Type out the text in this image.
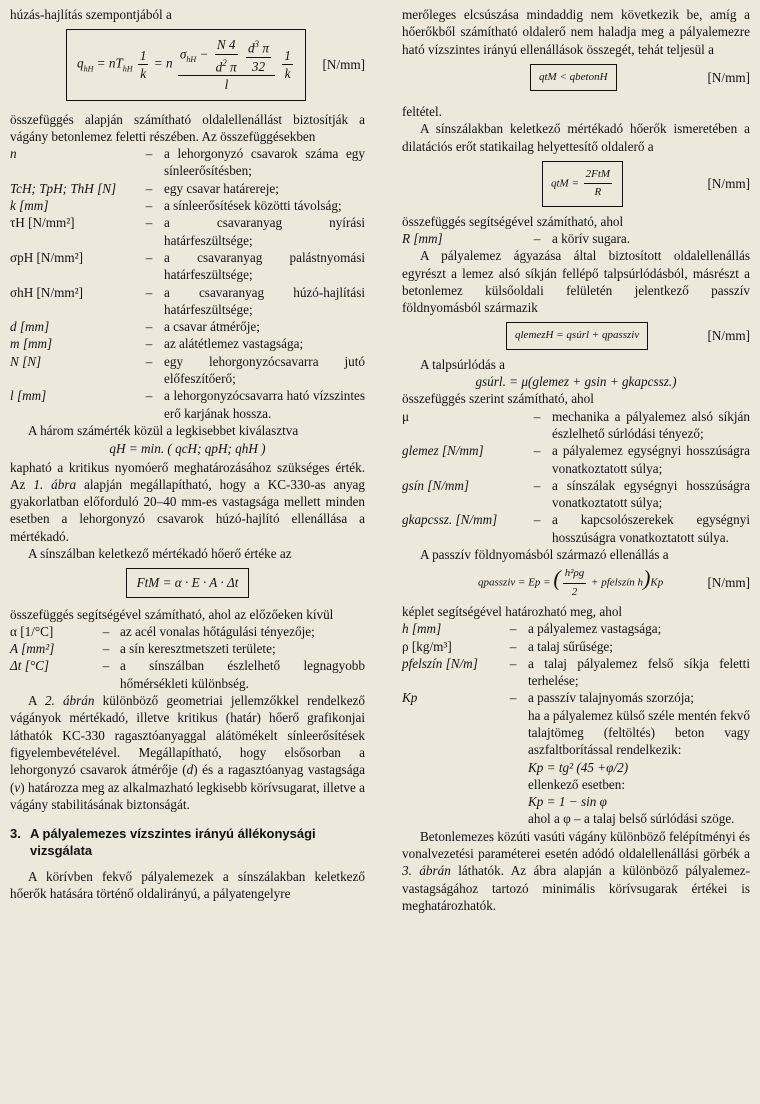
húzás-hajlítás szempontjából a

$q_{hH} = nT_{hH} \frac{1}{k} = n$ $\sigma_{hH} - \frac{N 4}{d^2 \pi}$
$\frac{d^3 \pi}{32}$
l
$\frac{1}{k} [N/mm]$

összefüggés alapján számítható oldalellenállást biztosítják a vágány betonlemez feletti részében. Az összefüggésekben

n	– a lehorgonyzó csavarok száma egy sínleerősítésben;
TcH; TpH; ThH [N]	– egy csavar határereje;
k [mm]	– a sínleerősítések közötti távolság;
τH [N/mm²]	– a csavaranyag nyírási határfeszültsége;
σpH [N/mm²]	– a csavaranyag palástnyomási határfeszültsége;
σhH [N/mm²]	– a csavaranyag húzó-hajlítási határfeszültsége;
d [mm]	– a csavar átmérője;
m [mm]	– az alátétlemez vastagsága;
N [N]	– egy lehorgonyzócsavarra jutó előfeszítőerő;
l [mm]	– a lehorgonyzócsavarra ható vízszintes erő karjának hossza.

A három számérték közül a legkisebbet kiválasztva

qH = min. ( qcH; qpH; qhH )

kapható a kritikus nyomóerő meghatározásához szükséges érték. Az 1. ábra alapján megállapítható, hogy a KC-330-as anyag gyakorlatban előforduló 20–40 mm-es vastagsága mellett minden esetben a lehorgonyzó csavarok húzó-hajlító ellenállása a mértékadó.

A sínszálban keletkező mértékadó hőerő értéke az

FtM = α · E · A · Δt

összefüggés segítségével számítható, ahol az előzőeken kívül

α [1/°C]	– az acél vonalas hőtágulási tényezője;
A [mm²]	– a sín keresztmetszeti területe;
Δt [°C]	– a sínszálban észlelhető legnagyobb hőmérsékleti különbség.

A 2. ábrán különböző geometriai jellemzőkkel rendelkező vágányok mértékadó, illetve kritikus (határ) hőerő grafikonjai láthatók KC-330 ragasztóanyaggal alátömékelt sínleerősítések figyelembevételével. Megállapítható, hogy elsősorban a lehorgonyzó csavarok átmérője (d) és a ragasztóanyag vastagsága (v) határozza meg az alkalmazható legkisebb körívsugarat, illetve a vágány stabilitásának biztonságát.

3. A pályalemezes vízszintes irányú állékonysági vizsgálata

A körívben fekvő pályalemezek a sínszálakban keletkező hőerők hatására történő oldalirányú, a pályatengelyre

merőleges elcsúszása mindaddig nem következik be, amíg a hőerőkből számítható oldalerő nem haladja meg a pályalemezre ható vízszintes irányú ellenállások összegét, tehát teljesül a

qtM < qbetonH	[N/mm]

feltétel.

A sínszálakban keletkező mértékadó hőerők ismeretében a dilatációs erőt statikailag helyettesítő oldalerő a

qtM = $\frac{\text{2FtM}}{R}$	[N/mm]

összefüggés segítségével számítható, ahol

R [mm]	– a körív sugara.

A pályalemez ágyazása által biztosított oldalellenállás egyrészt a lemez alsó síkján fellépő talpsúrlódásból, másrészt a betonlemez külsőoldali felületén jelentkező passzív földnyomásból származik

qlemezH = qsúrl + qpassziv	[N/mm]

A talpsúrlódás a

gsúrl. = μ(glemez + gsin + gkapcssz.)

összefüggés szerint számítható, ahol

μ	– mechanika a pályalemez alsó síkján észlelhető súrlódási tényező;
glemez [N/mm]	– a pályalemez egységnyi hosszúságra vonatkoztatott súlya;
gsín [N/mm]	– a sínszálak egységnyi hosszúságra vonatkoztatott súlya;
gkapcssz. [N/mm]	– a kapcsolószerekek egységnyi hosszúságra vonatkoztatott súlya.

A passzív földnyomásból származó ellenállás a

qpassziv = Ep = ( $\frac{\text{h²ρg}}{2}$ + pfelszín h)Kp	[N/mm]

képlet segítségével határozható meg, ahol

h [mm]	– a pályalemez vastagsága;
ρ [kg/m³]	– a talaj sűrűsége;
pfelszín [N/m]	– a talaj pályalemez felső síkja feletti terhelése;
Kp	– a passzív talajnyomás szorzója;

ha a pályalemez külső széle mentén fekvő talajtömeg (feltöltés) beton vagy aszfaltborítással rendelkezik:

Kp = tg² (45 +φ/2)

ellenkező esetben:

Kp = 1 − sin φ

ahol a φ – a talaj belső súrlódási szöge.

Betonlemezes közúti vasúti vágány különböző felépítményi és vonalvezetési paraméterei esetén adódó oldalellenállási görbék a 3. ábrán láthatók. Az ábra alapján a különböző pályalemez-vastagságához tartozó minimális körívsugarak értékei is meghatározhatók.
